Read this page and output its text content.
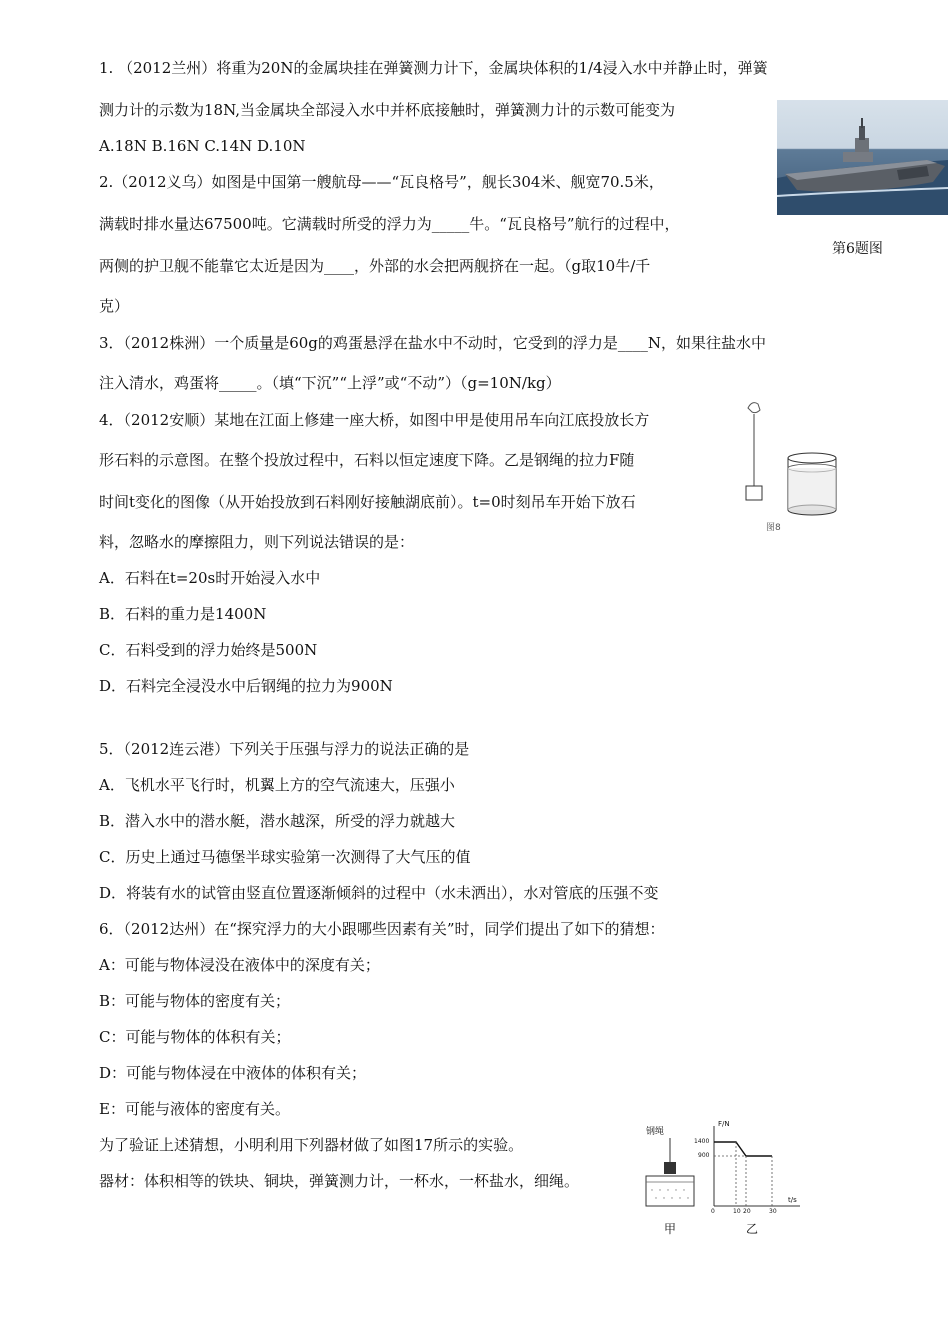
1. （2012兰州）将重为20N的金属块挂在弹簧测力计下，金属块体积的1/4浸入水中并静止时，弹簧
测力计的示数为18N,当金属块全部浸入水中并杯底接触时，弹簧测力计的示数可能变为
A.18N B.16N C.14N D.10N
2.（2012义乌）如图是中国第一艘航母——“瓦良格号”，舰长304米、舰宽70.5米，
满载时排水量达67500吨。它满载时所受的浮力为_____牛。“瓦良格号”航行的过程中，
第6题图
两侧的护卫舰不能靠它太近是因为____，外部的水会把两舰挤在一起。（g取10牛/千
克）
3．（2012株洲）一个质量是60g的鸡蛋悬浮在盐水中不动时，它受到的浮力是____N，如果往盐水中
注入清水，鸡蛋将_____。（填“下沉”“上浮”或“不动”）（g=10N/kg）
4．（2012安顺）某地在江面上修建一座大桥，如图中甲是使用吊车向江底投放长方
形石料的示意图。在整个投放过程中，石料以恒定速度下降。乙是钢绳的拉力F随
时间t变化的图像（从开始投放到石料刚好接触湖底前）。t=0时刻吊车开始下放石
料，忽略水的摩擦阻力，则下列说法错误的是：
图8
A．石料在t=20s时开始浸入水中
B．石料的重力是1400N
C．石料受到的浮力始终是500N
D．石料完全浸没水中后钢绳的拉力为900N
5．（2012连云港）下列关于压强与浮力的说法正确的是
A．飞机水平飞行时，机翼上方的空气流速大，压强小
B．潜入水中的潜水艇，潜水越深，所受的浮力就越大
C．历史上通过马德堡半球实验第一次测得了大气压的值
D．将装有水的试管由竖直位置逐渐倾斜的过程中（水未洒出），水对管底的压强不变
6．（2012达州）在“探究浮力的大小跟哪些因素有关”时，同学们提出了如下的猜想：
A：可能与物体浸没在液体中的深度有关；
B：可能与物体的密度有关；
C：可能与物体的体积有关；
D：可能与物体浸在中液体的体积有关；
E：可能与液体的密度有关。
为了验证上述猜想，小明利用下列器材做了如图17所示的实验。
器材：体积相等的铁块、铜块，弹簧测力计，一杯水，一杯盐水，细绳。
钢绳
甲	乙
F/N
t/s
1400
900
0	10 20	30
